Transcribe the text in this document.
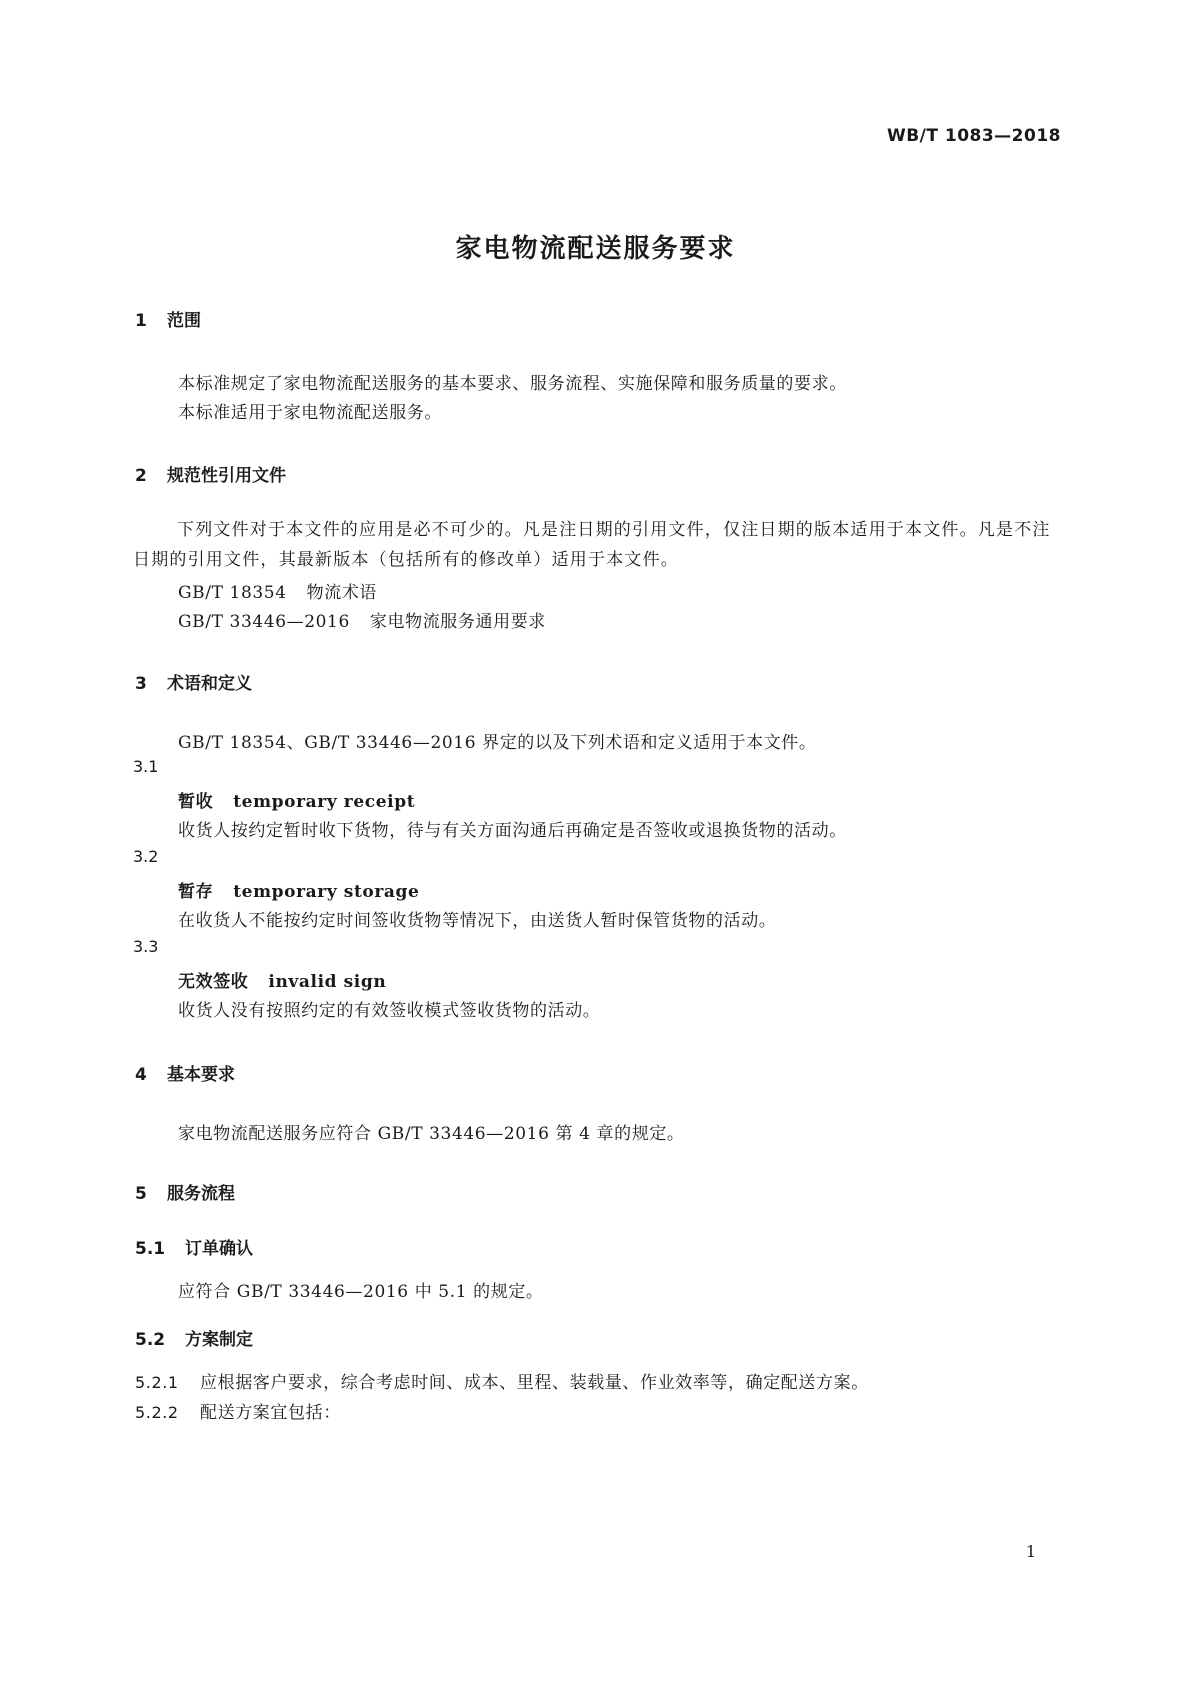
WB/T 1083—2018
家电物流配送服务要求
1 范围
本标准规定了家电物流配送服务的基本要求、服务流程、实施保障和服务质量的要求。
本标准适用于家电物流配送服务。
2 规范性引用文件
下列文件对于本文件的应用是必不可少的。凡是注日期的引用文件，仅注日期的版本适用于本文件。凡是不注日期的引用文件，其最新版本（包括所有的修改单）适用于本文件。
GB/T 18354 物流术语
GB/T 33446—2016 家电物流服务通用要求
3 术语和定义
GB/T 18354、GB/T 33446—2016 界定的以及下列术语和定义适用于本文件。
3.1
暂收 temporary receipt
收货人按约定暂时收下货物，待与有关方面沟通后再确定是否签收或退换货物的活动。
3.2
暂存 temporary storage
在收货人不能按约定时间签收货物等情况下，由送货人暂时保管货物的活动。
3.3
无效签收 invalid sign
收货人没有按照约定的有效签收模式签收货物的活动。
4 基本要求
家电物流配送服务应符合 GB/T 33446—2016 第 4 章的规定。
5 服务流程
5.1 订单确认
应符合 GB/T 33446—2016 中 5.1 的规定。
5.2 方案制定
5.2.1 应根据客户要求，综合考虑时间、成本、里程、装载量、作业效率等，确定配送方案。
5.2.2 配送方案宜包括：
1
